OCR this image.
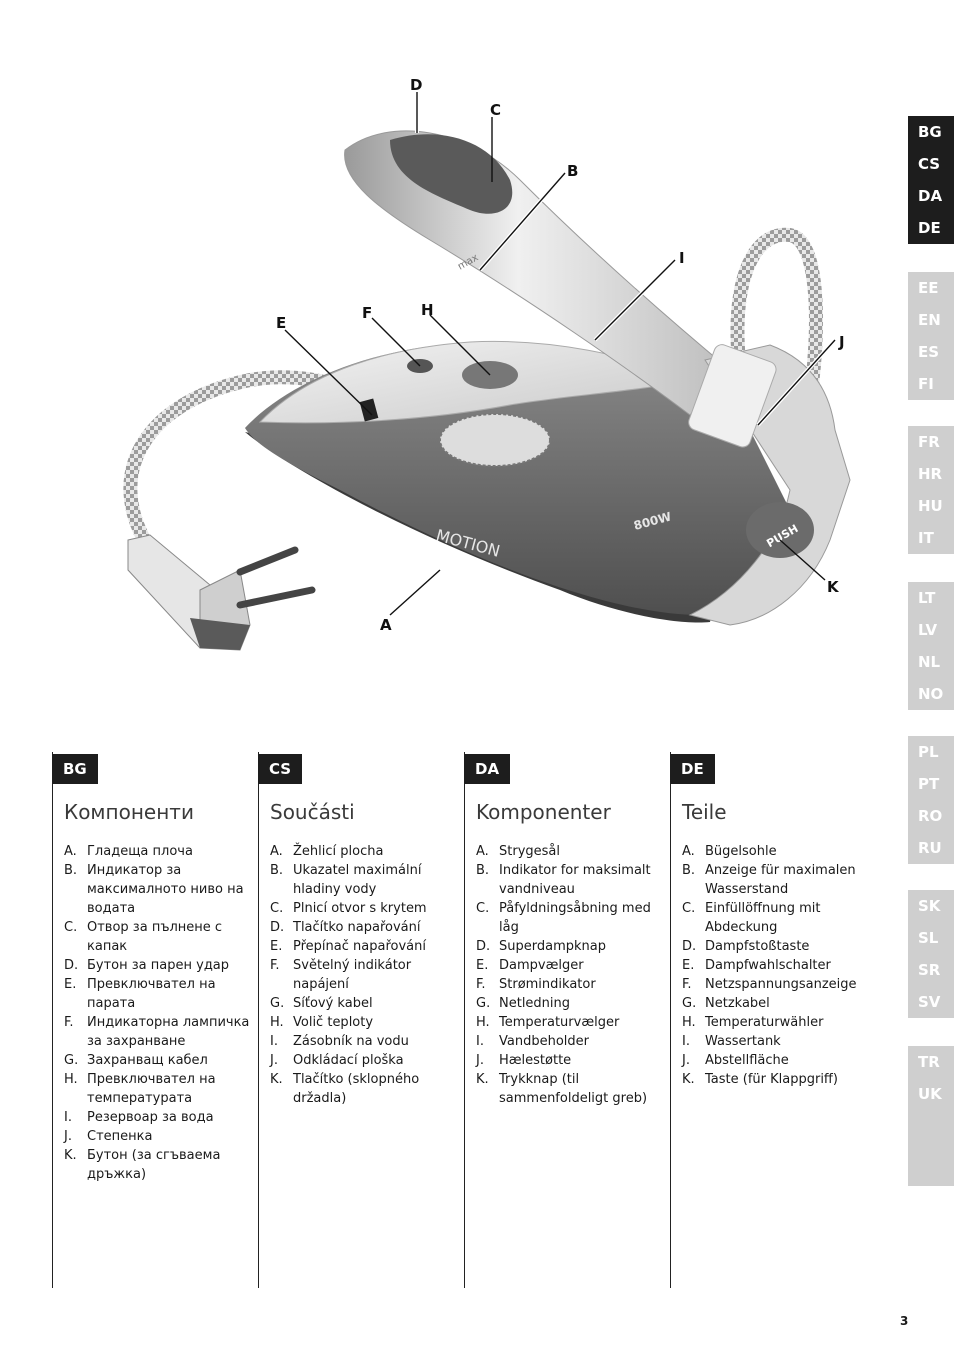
MOTION
800W
max
PUSH
D
C
B
I
E
F	H
J
K
A
BG
Компоненти
A. Гладеща плоча
B. Индикатор за максималното ниво на водата
C. Отвор за пълнене с капак
D. Бутон за парен удар
E. Превключвател на парата
F.	Индикаторна лампичка за захранване
G. Захранващ кабел
H. Превключвател на температурата
I.	Резервоар за вода
J.	Степенка
K. Бутон (за сгъваема дръжка)
CS
Součásti
A. Žehlicí plocha
B. Ukazatel maximální hladiny vody
C. Plnicí otvor s krytem
D. Tlačítko napařování
E. Přepínač napařování
F.	Světelný indikátor napájení
G. Síťový kabel
H. Volič teploty
I.	Zásobník na vodu
J.	Odkládací ploška
K. Tlačítko (sklopného držadla)
DA
Komponenter
A. Strygesål
B. Indikator for maksimalt vandniveau
C. Påfyldningsåbning med låg
D. Superdampknap
E. Dampvælger
F.	Strømindikator
G. Netledning
H. Temperaturvælger
I.	Vandbeholder
J.	Hælestøtte
K. Trykknap (til sammenfoldeligt greb)
DE
Teile
A. Bügelsohle
B. Anzeige für maximalen Wasserstand
C. Einfüllöffnung mit Abdeckung
D. Dampfstoßtaste
E. Dampfwahlschalter
F.	Netzspannungsanzeige
G. Netzkabel
H. Temperaturwähler
I.	Wassertank
J.	Abstellfläche
K. Taste (für Klappgriff)
BG
CS
DA
DE
EE
EN
ES
FI
FR
HR
HU
IT
LT
LV
NL
NO
PL
PT
RO
RU
SK
SL
SR
SV
TR
UK
3
